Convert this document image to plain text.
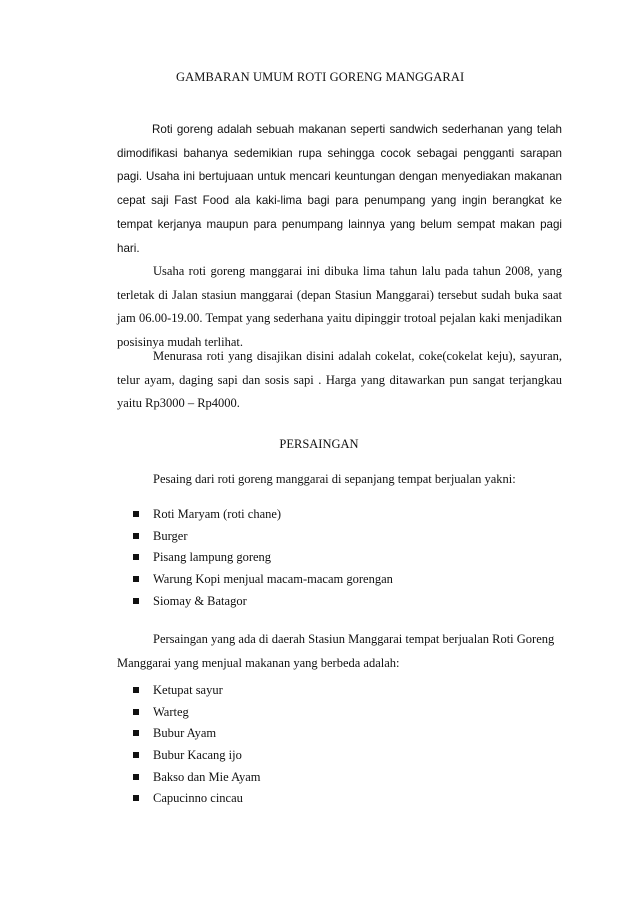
GAMBARAN UMUM ROTI GORENG MANGGARAI

Roti goreng adalah sebuah makanan seperti sandwich sederhanan yang telah dimodifikasi bahanya sedemikian rupa sehingga cocok sebagai pengganti sarapan pagi. Usaha ini bertujuaan untuk mencari keuntungan dengan menyediakan makanan cepat saji Fast Food ala kaki-lima bagi para penumpang yang ingin berangkat ke tempat kerjanya maupun para penumpang lainnya yang belum sempat makan pagi hari.

Usaha roti goreng manggarai ini dibuka lima tahun lalu pada tahun 2008, yang terletak di Jalan stasiun manggarai (depan Stasiun Manggarai) tersebut sudah buka saat jam 06.00-19.00. Tempat yang sederhana yaitu dipinggir trotoal pejalan kaki menjadikan posisinya mudah terlihat.

Menurasa roti yang disajikan disini adalah cokelat, coke(cokelat keju), sayuran, telur ayam, daging sapi dan sosis sapi . Harga yang ditawarkan pun sangat terjangkau yaitu Rp3000 – Rp4000.

PERSAINGAN
Pesaing dari roti goreng manggarai di sepanjang tempat berjualan yakni:
Roti Maryam (roti chane)
Burger
Pisang lampung goreng
Warung Kopi menjual macam-macam gorengan
Siomay & Batagor
Persaingan yang ada di daerah Stasiun Manggarai tempat berjualan Roti Goreng Manggarai yang menjual makanan yang berbeda adalah:
Ketupat sayur
Warteg
Bubur Ayam
Bubur Kacang ijo
Bakso dan Mie Ayam
Capucinno cincau
